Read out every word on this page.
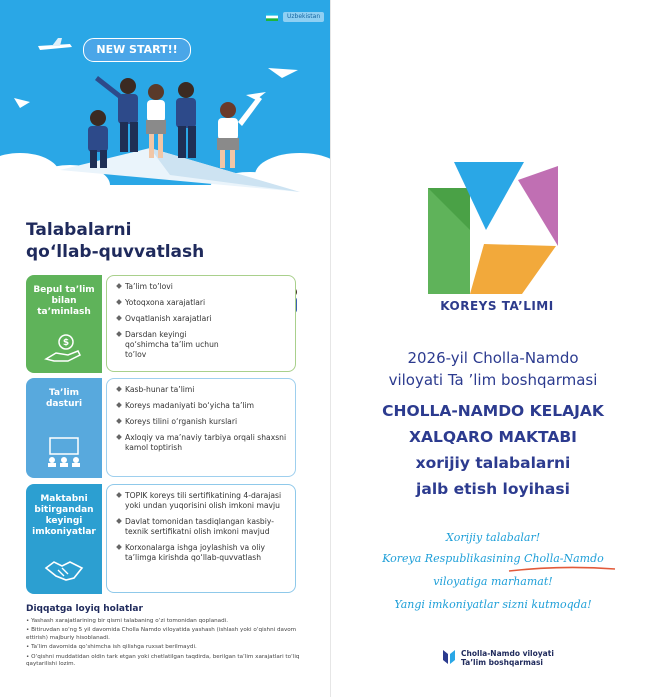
Uzbekistan
NEW START!!
Talabalarni
qo‘llab-quvvatlash
Bepul ta’lim bilan ta’minlash
$
Ta’lim to’lovi
Yotoqxona xarajatlari
Ovqatlanish xarajatlari
Darsdan keyingi qo‘shimcha ta’lim uchun to’lov
Ta’lim dasturi
Kasb-hunar ta’limi
Koreys madaniyati bo‘yicha ta’lim
Koreys tilini o‘rganish kurslari
Axloqiy va ma’naviy tarbiya orqali shaxsni kamol toptirish
Maktabni bitirgandan keyingi imkoniyatlar
TOPIK koreys tili sertifikatining 4-darajasi yoki undan yuqorisini olish imkoni mavju
Davlat tomonidan tasdiqlangan kasbiy-texnik sertifikatni olish imkoni mavjud
Korxonalarga ishga joylashish va oliy ta’limga kirishda qo‘llab-quvvatlash
Diqqatga loyiq holatlar

• Yashash xarajatlarining bir qismi talabaning o‘zi tomonidan qoplanadi.

• Bitiruvdan so‘ng 5 yil davomida Cholla Namdo viloyatida yashash (ishlash yoki o‘qishni davom ettirish) majburiy hisoblanadi.

• Ta’lim davomida qo‘shimcha ish qilishga ruxsat berilmaydi.

• O‘qishni muddatidan oldin tark etgan yoki chetlatilgan taqdirda, berilgan ta’lim xarajatlari to‘liq qaytarilishi lozim.

KOREYS TA’LIMI
2026-yil Cholla-Namdo
viloyati Ta ’lim boshqarmasi
CHOLLA-NAMDO KELAJAK
XALQARO MAKTABI
xorijiy talabalarni
jalb etish loyihasi
Xorijiy talabalar!
Koreya Respublikasining Cholla-Namdo
viloyatiga marhamat!
Yangi imkoniyatlar sizni kutmoqda!
Cholla-Namdo viloyati
Ta’lim boshqarmasi
